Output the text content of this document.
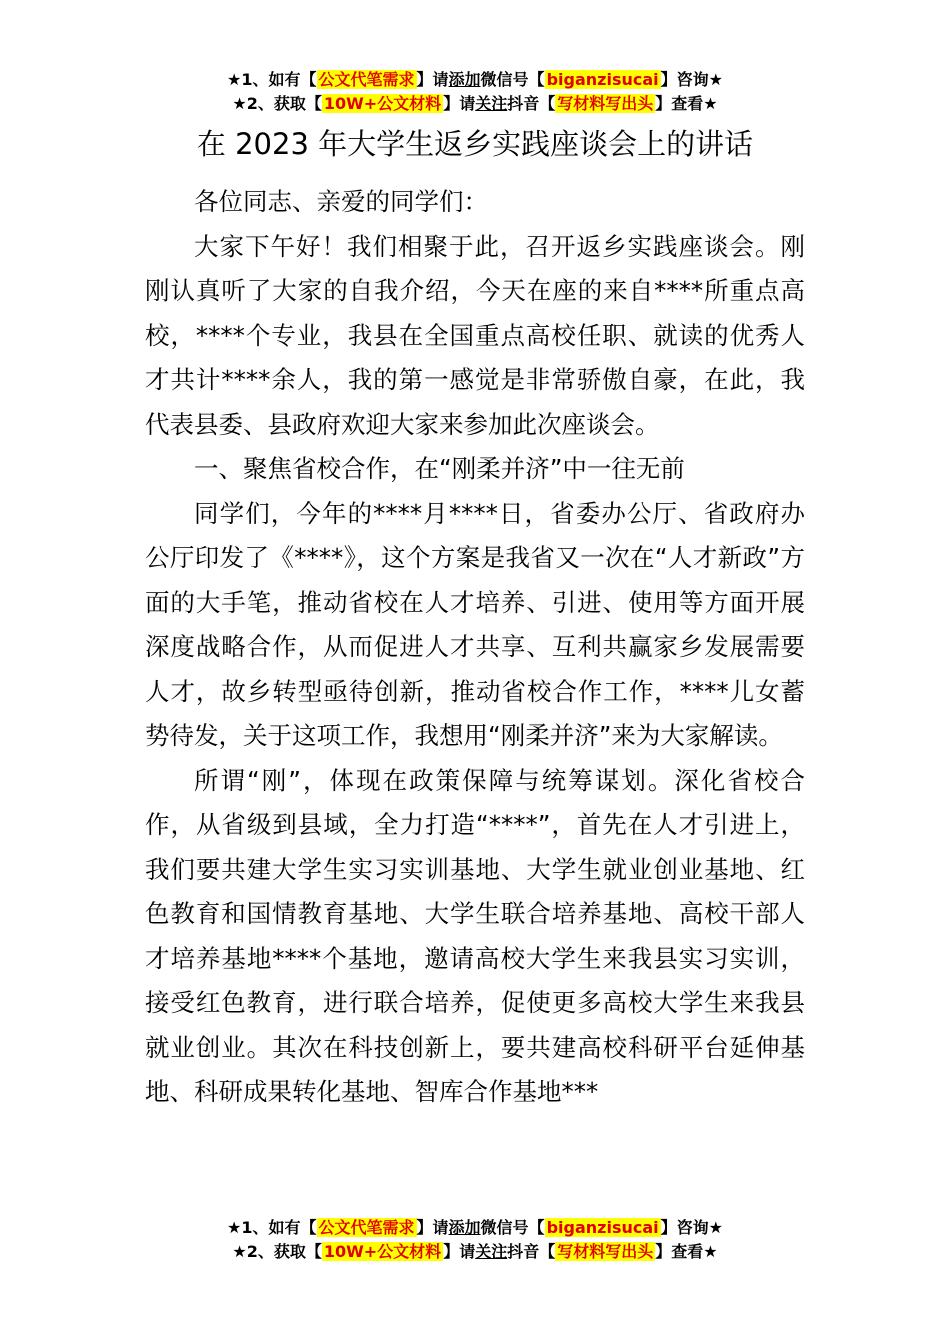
★1、如有【 公文代笔需求 】请添加微信号【 biganzisucai 】咨询★
★2、获取【 10W+公文材料 】请关注抖音【 写材料写出头 】查看★
在 2023 年大学生返乡实践座谈会上的讲话

各位同志、亲爱的同学们：

大家下午好！我们相聚于此，召开返乡实践座谈会。刚刚认真听了大家的自我介绍，今天在座的来自****所重点高校，****个专业，我县在全国重点高校任职、就读的优秀人才共计****余人，我的第一感觉是非常骄傲自豪，在此，我代表县委、县政府欢迎大家来参加此次座谈会。

一、聚焦省校合作，在“刚柔并济”中一往无前

同学们，今年的****月****日，省委办公厅、省政府办公厅印发了《****》，这个方案是我省又一次在“人才新政”方面的大手笔，推动省校在人才培养、引进、使用等方面开展深度战略合作，从而促进人才共享、互利共赢家乡发展需要人才，故乡转型亟待创新，推动省校合作工作，****儿女蓄势待发，关于这项工作，我想用“刚柔并济”来为大家解读。

所谓“刚”，体现在政策保障与统筹谋划。深化省校合作，从省级到县域，全力打造“****”，首先在人才引进上，我们要共建大学生实习实训基地、大学生就业创业基地、红色教育和国情教育基地、大学生联合培养基地、高校干部人才培养基地****个基地，邀请高校大学生来我县实习实训，接受红色教育，进行联合培养，促使更多高校大学生来我县就业创业。其次在科技创新上，要共建高校科研平台延伸基地、科研成果转化基地、智库合作基地***

★1、如有【 公文代笔需求 】请添加微信号【 biganzisucai 】咨询★
★2、获取【 10W+公文材料 】请关注抖音【 写材料写出头 】查看★
